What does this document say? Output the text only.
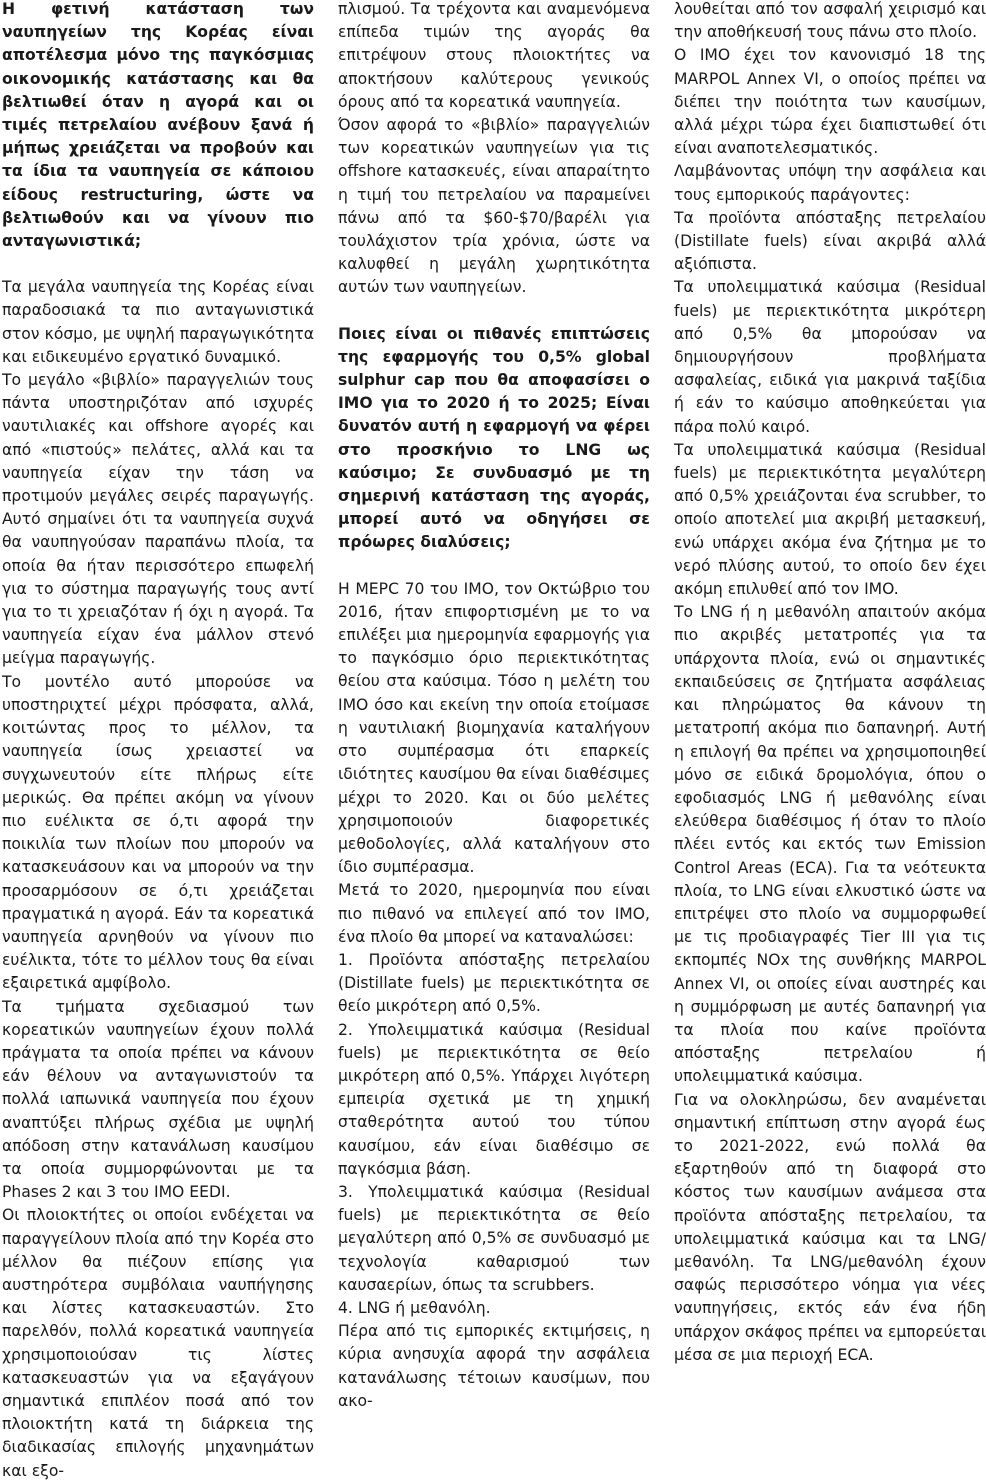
Η φετινή κατάσταση των ναυπηγείων της Κορέας είναι αποτέλεσμα μόνο της παγκόσμιας οικονομικής κατάστασης και θα βελτιωθεί όταν η αγορά και οι τιμές πετρελαίου ανέβουν ξανά ή μήπως χρειάζεται να προβούν και τα ίδια τα ναυπηγεία σε κάποιου είδους restructuring, ώστε να βελτιωθούν και να γίνουν πιο ανταγωνιστικά;

Τα μεγάλα ναυπηγεία της Κορέας είναι παραδοσιακά τα πιο ανταγωνιστικά στον κόσμο, με υψηλή παραγωγικότητα και ειδικευμένο εργατικό δυναμικό.

Το μεγάλο «βιβλίο» παραγγελιών τους πάντα υποστηριζόταν από ισχυρές ναυτιλιακές και offshore αγορές και από «πιστούς» πελάτες, αλλά και τα ναυπηγεία είχαν την τάση να προτιμούν μεγάλες σειρές παραγωγής. Αυτό σημαίνει ότι τα ναυπηγεία συχνά θα ναυπηγούσαν παραπάνω πλοία, τα οποία θα ήταν περισσότερο επωφελή για το σύστημα παραγωγής τους αντί για το τι χρειαζόταν ή όχι η αγορά. Τα ναυπηγεία είχαν ένα μάλλον στενό μείγμα παραγωγής.

Το μοντέλο αυτό μπορούσε να υποστηριχτεί μέχρι πρόσφατα, αλλά, κοιτώντας προς το μέλλον, τα ναυπηγεία ίσως χρειαστεί να συγχωνευτούν είτε πλήρως είτε μερικώς. Θα πρέπει ακόμη να γίνουν πιο ευέλικτα σε ό,τι αφορά την ποικιλία των πλοίων που μπορούν να κατασκευάσουν και να μπορούν να την προσαρμόσουν σε ό,τι χρειάζεται πραγματικά η αγορά. Εάν τα κορεατικά ναυπηγεία αρνηθούν να γίνουν πιο ευέλικτα, τότε το μέλλον τους θα είναι εξαιρετικά αμφίβολο.

Τα τμήματα σχεδιασμού των κορεατικών ναυπηγείων έχουν πολλά πράγματα τα οποία πρέπει να κάνουν εάν θέλουν να ανταγωνιστούν τα πολλά ιαπωνικά ναυπηγεία που έχουν αναπτύξει πλήρως σχέδια με υψηλή απόδοση στην κατανάλωση καυσίμου τα οποία συμμορφώνονται με τα Phases 2 και 3 του IMO EEDI.

Οι πλοιοκτήτες οι οποίοι ενδέχεται να παραγγείλουν πλοία από την Κορέα στο μέλλον θα πιέζουν επίσης για αυστηρότερα συμβόλαια ναυπήγησης και λίστες κατασκευαστών. Στο παρελθόν, πολλά κορεατικά ναυπηγεία χρησιμοποιούσαν τις λίστες κατασκευαστών για να εξαγάγουν σημαντικά επιπλέον ποσά από τον πλοιοκτήτη κατά τη διάρκεια της διαδικασίας επιλογής μηχανημάτων και εξο-

πλισμού. Τα τρέχοντα και αναμενόμενα επίπεδα τιμών της αγοράς θα επιτρέψουν στους πλοιοκτήτες να αποκτήσουν καλύτερους γενικούς όρους από τα κορεατικά ναυπηγεία.

Όσον αφορά το «βιβλίο» παραγγελιών των κορεατικών ναυπηγείων για τις offshore κατασκευές, είναι απαραίτητο η τιμή του πετρελαίου να παραμείνει πάνω από τα $60-$70/βαρέλι για τουλάχιστον τρία χρόνια, ώστε να καλυφθεί η μεγάλη χωρητικότητα αυτών των ναυπηγείων.

Ποιες είναι οι πιθανές επιπτώσεις της εφαρμογής του 0,5% global sulphur cap που θα αποφασίσει ο IMO για το 2020 ή το 2025; Είναι δυνατόν αυτή η εφαρμογή να φέρει στο προσκήνιο το LNG ως καύσιμο; Σε συνδυασμό με τη σημερινή κατάσταση της αγοράς, μπορεί αυτό να οδηγήσει σε πρόωρες διαλύσεις;

Η MEPC 70 του IMO, τον Οκτώβριο του 2016, ήταν επιφορτισμένη με το να επιλέξει μια ημερομηνία εφαρμογής για το παγκόσμιο όριο περιεκτικότητας θείου στα καύσιμα. Τόσο η μελέτη του IMO όσο και εκείνη την οποία ετοίμασε η ναυτιλιακή βιομηχανία καταλήγουν στο συμπέρασμα ότι επαρκείς ιδιότητες καυσίμου θα είναι διαθέσιμες μέχρι το 2020. Και οι δύο μελέτες χρησιμοποιούν διαφορετικές μεθοδολογίες, αλλά καταλήγουν στο ίδιο συμπέρασμα.

Μετά το 2020, ημερομηνία που είναι πιο πιθανό να επιλεγεί από τον IMO, ένα πλοίο θα μπορεί να καταναλώσει:

1. Προϊόντα απόσταξης πετρελαίου (Distillate fuels) με περιεκτικότητα σε θείο μικρότερη από 0,5%.

2. Υπολειμματικά καύσιμα (Residual fuels) με περιεκτικότητα σε θείο μικρότερη από 0,5%. Υπάρχει λιγότερη εμπειρία σχετικά με τη χημική σταθερότητα αυτού του τύπου καυσίμου, εάν είναι διαθέσιμο σε παγκόσμια βάση.

3. Υπολειμματικά καύσιμα (Residual fuels) με περιεκτικότητα σε θείο μεγαλύτερη από 0,5% σε συνδυασμό με τεχνολογία καθαρισμού των καυσαερίων, όπως τα scrubbers.

4. LNG ή μεθανόλη.

Πέρα από τις εμπορικές εκτιμήσεις, η κύρια ανησυχία αφορά την ασφάλεια κατανάλωσης τέτοιων καυσίμων, που ακο-

λουθείται από τον ασφαλή χειρισμό και την αποθήκευσή τους πάνω στο πλοίο.

Ο IMO έχει τον κανονισμό 18 της MARPOL Annex VI, ο οποίος πρέπει να διέπει την ποιότητα των καυσίμων, αλλά μέχρι τώρα έχει διαπιστωθεί ότι είναι αναποτελεσματικός.

Λαμβάνοντας υπόψη την ασφάλεια και τους εμπορικούς παράγοντες:

Τα προϊόντα απόσταξης πετρελαίου (Distillate fuels) είναι ακριβά αλλά αξιόπιστα.

Τα υπολειμματικά καύσιμα (Residual fuels) με περιεκτικότητα μικρότερη από 0,5% θα μπορούσαν να δημιουργήσουν προβλήματα ασφαλείας, ειδικά για μακρινά ταξίδια ή εάν το καύσιμο αποθηκεύεται για πάρα πολύ καιρό.

Τα υπολειμματικά καύσιμα (Residual fuels) με περιεκτικότητα μεγαλύτερη από 0,5% χρειάζονται ένα scrubber, το οποίο αποτελεί μια ακριβή μετασκευή, ενώ υπάρχει ακόμα ένα ζήτημα με το νερό πλύσης αυτού, το οποίο δεν έχει ακόμη επιλυθεί από τον IMO.

Το LNG ή η μεθανόλη απαιτούν ακόμα πιο ακριβές μετατροπές για τα υπάρχοντα πλοία, ενώ οι σημαντικές εκπαιδεύσεις σε ζητήματα ασφάλειας και πληρώματος θα κάνουν τη μετατροπή ακόμα πιο δαπανηρή. Αυτή η επιλογή θα πρέπει να χρησιμοποιηθεί μόνο σε ειδικά δρομολόγια, όπου ο εφοδιασμός LNG ή μεθανόλης είναι ελεύθερα διαθέσιμος ή όταν το πλοίο πλέει εντός και εκτός των Emission Control Areas (ECA). Για τα νεότευκτα πλοία, το LNG είναι ελκυστικό ώστε να επιτρέψει στο πλοίο να συμμορφωθεί με τις προδιαγραφές Tier III για τις εκπομπές NOx της συνθήκης MARPOL Annex VI, οι οποίες είναι αυστηρές και η συμμόρφωση με αυτές δαπανηρή για τα πλοία που καίνε προϊόντα απόσταξης πετρελαίου ή υπολειμματικά καύσιμα.

Για να ολοκληρώσω, δεν αναμένεται σημαντική επίπτωση στην αγορά έως το 2021-2022, ενώ πολλά θα εξαρτηθούν από τη διαφορά στο κόστος των καυσίμων ανάμεσα στα προϊόντα απόσταξης πετρελαίου, τα υπολειμματικά καύσιμα και τα LNG/μεθανόλη. Τα LNG/μεθανόλη έχουν σαφώς περισσότερο νόημα για νέες ναυπηγήσεις, εκτός εάν ένα ήδη υπάρχον σκάφος πρέπει να εμπορεύεται μέσα σε μια περιοχή ECA.
